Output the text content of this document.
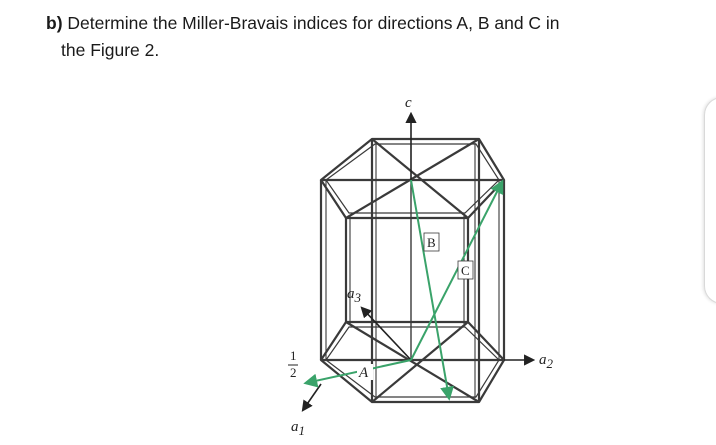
b) Determine the Miller-Bravais indices for directions A, B and C in
the Figure 2.
c
a2
a1
a3
1
2	A
B
C
